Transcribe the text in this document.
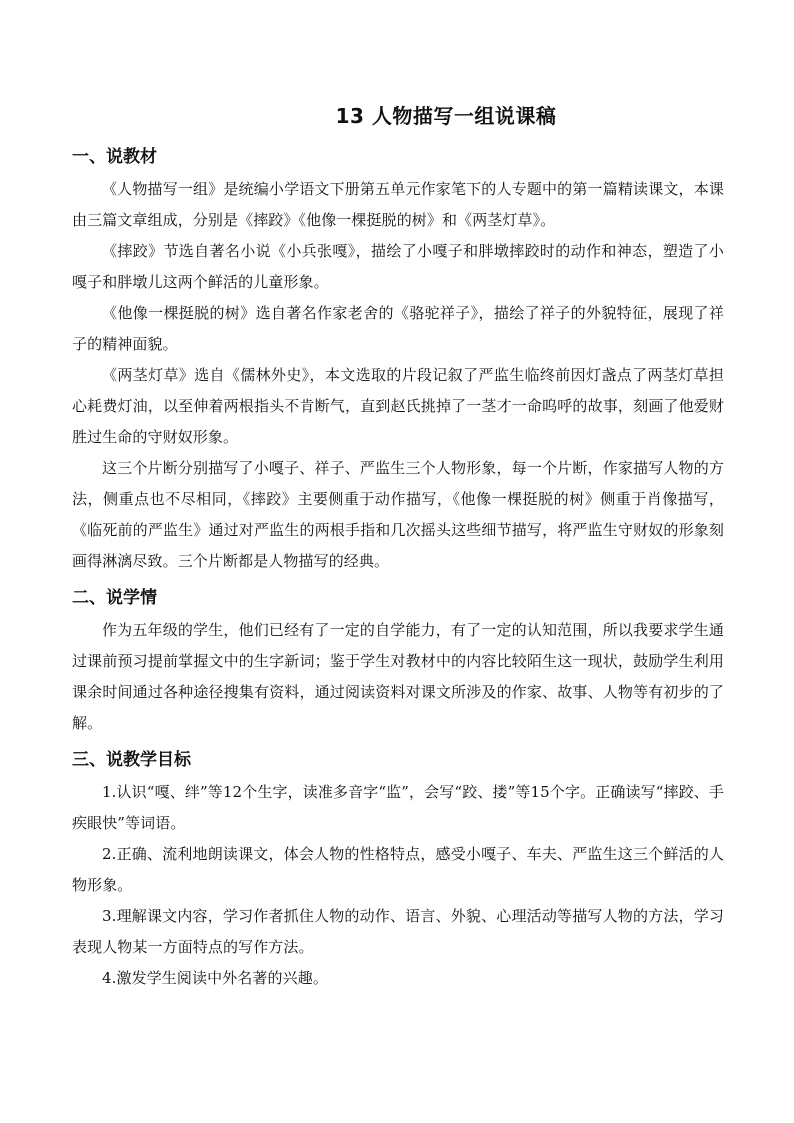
13 人物描写一组说课稿
一、说教材

《人物描写一组》是统编小学语文下册第五单元作家笔下的人专题中的第一篇精读课文，本课由三篇文章组成，分别是《摔跤》《他像一棵挺脱的树》和《两茎灯草》。

《摔跤》节选自著名小说《小兵张嘎》，描绘了小嘎子和胖墩摔跤时的动作和神态，塑造了小嘎子和胖墩儿这两个鲜活的儿童形象。

《他像一棵挺脱的树》选自著名作家老舍的《骆驼祥子》，描绘了祥子的外貌特征，展现了祥子的精神面貌。

《两茎灯草》选自《儒林外史》，本文选取的片段记叙了严监生临终前因灯盏点了两茎灯草担心耗费灯油，以至伸着两根指头不肯断气，直到赵氏挑掉了一茎才一命呜呼的故事，刻画了他爱财胜过生命的守财奴形象。

这三个片断分别描写了小嘎子、祥子、严监生三个人物形象，每一个片断，作家描写人物的方法，侧重点也不尽相同，《摔跤》主要侧重于动作描写，《他像一棵挺脱的树》侧重于肖像描写，《临死前的严监生》通过对严监生的两根手指和几次摇头这些细节描写，将严监生守财奴的形象刻画得淋漓尽致。三个片断都是人物描写的经典。

二、说学情

作为五年级的学生，他们已经有了一定的自学能力，有了一定的认知范围，所以我要求学生通过课前预习提前掌握文中的生字新词；鉴于学生对教材中的内容比较陌生这一现状，鼓励学生利用课余时间通过各种途径搜集有资料，通过阅读资料对课文所涉及的作家、故事、人物等有初步的了解。

三、说教学目标

1.认识“嘎、绊”等12个生字，读准多音字“监”，会写“跤、搂”等15个字。正确读写“摔跤、手疾眼快”等词语。

2.正确、流利地朗读课文，体会人物的性格特点，感受小嘎子、车夫、严监生这三个鲜活的人物形象。

3.理解课文内容，学习作者抓住人物的动作、语言、外貌、心理活动等描写人物的方法，学习表现人物某一方面特点的写作方法。

4.激发学生阅读中外名著的兴趣。
